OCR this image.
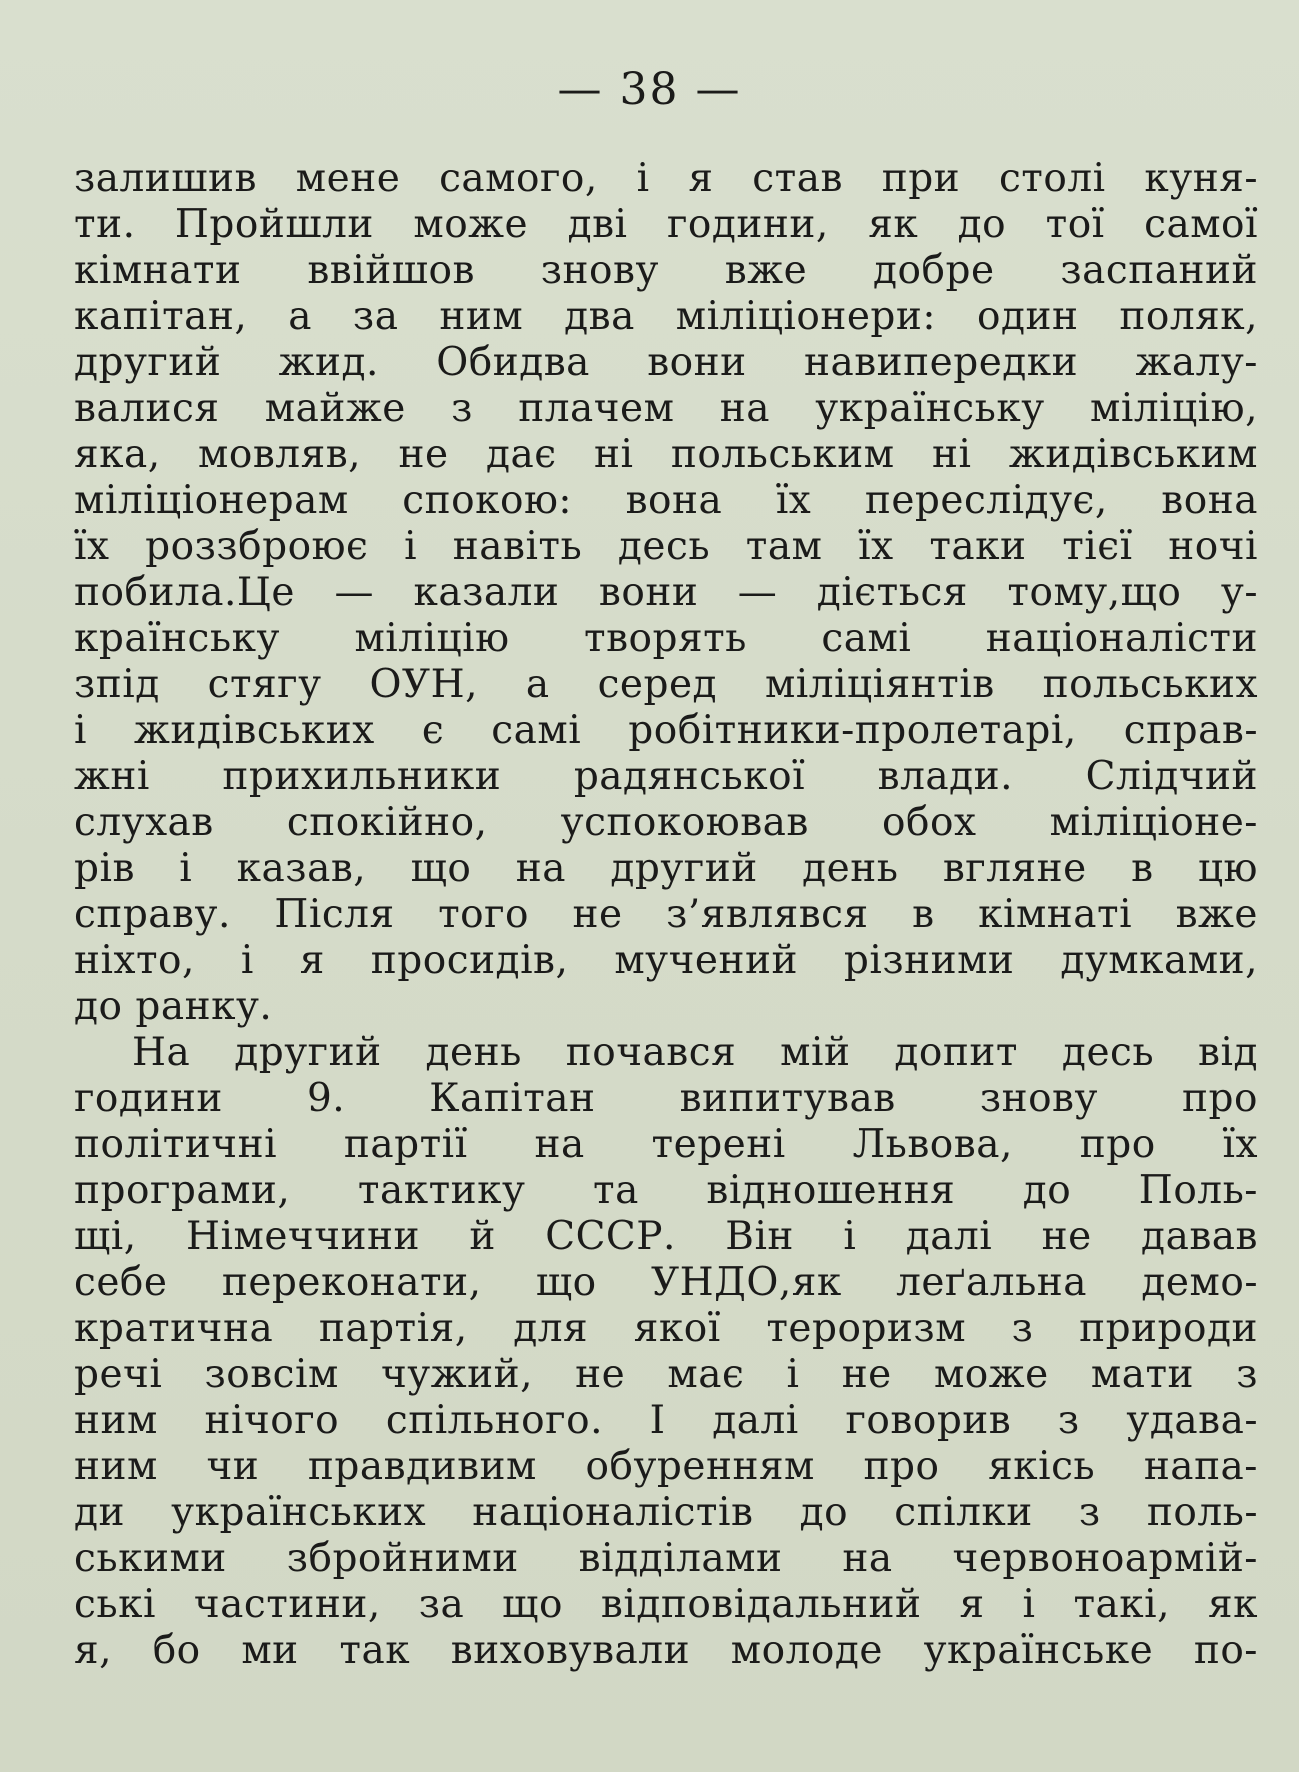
— 38 —
залишив мене самого, і я став при столі куня-
ти. Пройшли може дві години, як до тої самої
кімнати ввійшов знову вже добре заспаний
капітан, а за ним два міліціонери: один поляк,
другий жид. Обидва вони навипередки жалу-
валися майже з плачем на українську міліцію,
яка, мовляв, не дає ні польським ні жидівським
міліціонерам спокою: вона їх переслідує, вона
їх роззброює і навіть десь там їх таки тієї ночі
побила.Це — казали вони — діється тому,що у-
країнську міліцію творять самі націоналісти
зпід стягу ОУН, а серед міліціянтів польських
і жидівських є самі робітники-пролетарі, справ-
жні прихильники радянської влади. Слідчий
слухав спокійно, успокоював обох міліціоне-
рів і казав, що на другий день вгляне в цю
справу. Після того не з’являвся в кімнаті вже
ніхто, і я просидів, мучений різними думками,
до ранку.
На другий день почався мій допит десь від
години 9. Капітан випитував знову про
політичні партії на терені Львова, про їх
програми, тактику та відношення до Поль-
щі, Німеччини й СССР. Він і далі не давав
себе переконати, що УНДО,як леґальна демо-
кратична партія, для якої тероризм з природи
речі зовсім чужий, не має і не може мати з
ним нічого спільного. І далі говорив з удава-
ним чи правдивим обуренням про якісь напа-
ди українських націоналістів до спілки з поль-
ськими збройними відділами на червоноармій-
ські частини, за що відповідальний я і такі, як
я, бо ми так виховували молоде українське по-
